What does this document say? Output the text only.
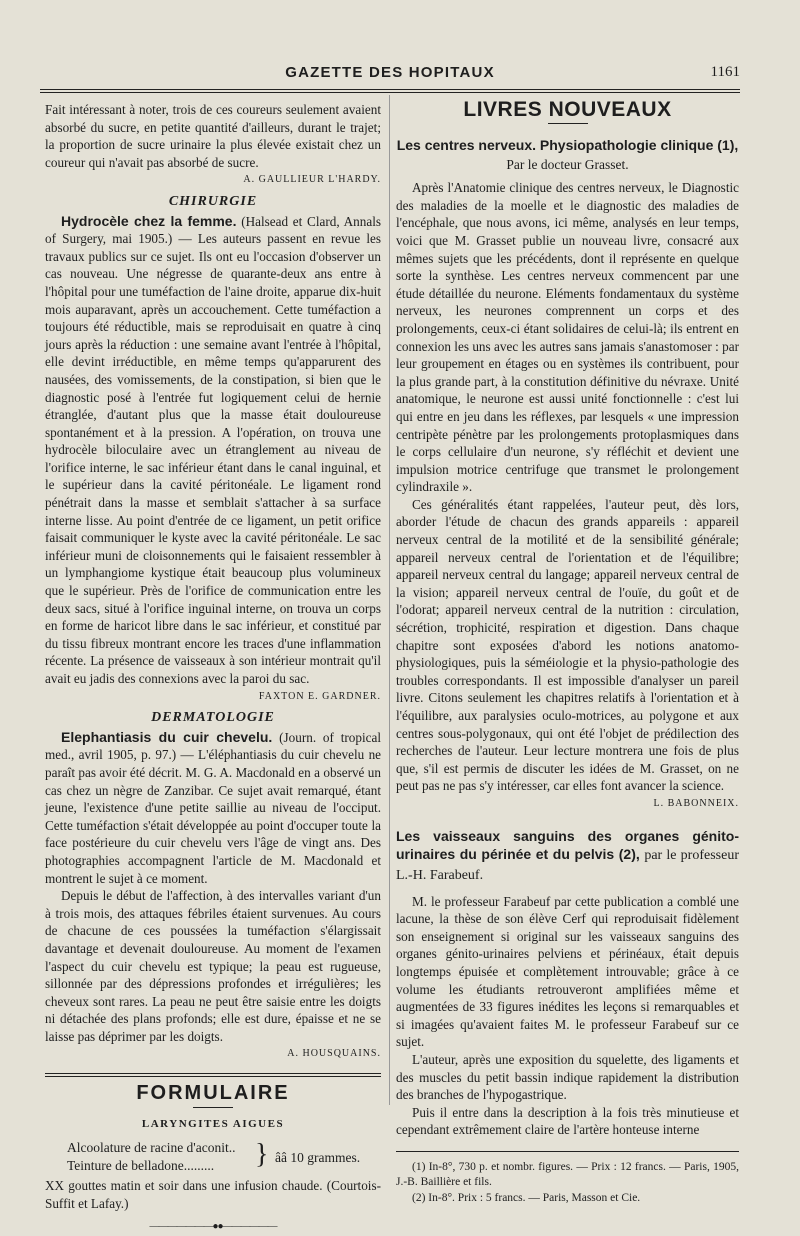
GAZETTE DES HOPITAUX	1161

Fait intéressant à noter, trois de ces coureurs seulement avaient absorbé du sucre, en petite quantité d'ailleurs, durant le trajet; la proportion de sucre urinaire la plus élevée existait chez un coureur qui n'avait pas absorbé de sucre.

A. GAULLIEUR L'HARDY.
CHIRURGIE

Hydrocèle chez la femme. (Halsead et Clard, Annals of Surgery, mai 1905.) — Les auteurs passent en revue les travaux publics sur ce sujet. Ils ont eu l'occasion d'observer un cas nouveau. Une négresse de quarante-deux ans entre à l'hôpital pour une tuméfaction de l'aine droite, apparue dix-huit mois auparavant, après un accouchement. Cette tuméfaction a toujours été réductible, mais se reproduisait en quatre à cinq jours après la réduction : une semaine avant l'entrée à l'hôpital, elle devint irréductible, en même temps qu'apparurent des nausées, des vomissements, de la constipation, si bien que le diagnostic posé à l'entrée fut logiquement celui de hernie étranglée, d'autant plus que la masse était douloureuse spontanément et à la pression. A l'opération, on trouva une hydrocèle biloculaire avec un étranglement au niveau de l'orifice interne, le sac inférieur étant dans le canal inguinal, et le supérieur dans la cavité péritonéale. Le ligament rond pénétrait dans la masse et semblait s'attacher à sa surface interne lisse. Au point d'entrée de ce ligament, un petit orifice faisait communiquer le kyste avec la cavité péritonéale. Le sac inférieur muni de cloisonnements qui le faisaient ressembler à un lymphangiome kystique était beaucoup plus volumineux que le supérieur. Près de l'orifice de communication entre les deux sacs, situé à l'orifice inguinal interne, on trouva un corps en forme de haricot libre dans le sac inférieur, et constitué par du tissu fibreux montrant encore les traces d'une inflammation récente. La présence de vaisseaux à son intérieur montrait qu'il avait eu jadis des connexions avec la paroi du sac.

FAXTON E. GARDNER.
DERMATOLOGIE

Elephantiasis du cuir chevelu. (Journ. of tropical med., avril 1905, p. 97.) — L'éléphantiasis du cuir chevelu ne paraît pas avoir été décrit. M. G. A. Macdonald en a observé un cas chez un nègre de Zanzibar. Ce sujet avait remarqué, étant jeune, l'existence d'une petite saillie au niveau de l'occiput. Cette tuméfaction s'était développée au point d'occuper toute la face postérieure du cuir chevelu vers l'âge de vingt ans. Des photographies accompagnent l'article de M. Macdonald et montrent le sujet à ce moment.

Depuis le début de l'affection, à des intervalles variant d'un à trois mois, des attaques fébriles étaient survenues. Au cours de chacune de ces poussées la tuméfaction s'élargissait davantage et devenait douloureuse. Au moment de l'examen l'aspect du cuir chevelu est typique; la peau est rugueuse, sillonnée par des dépressions profondes et irrégulières; les cheveux sont rares. La peau ne peut être saisie entre les doigts ni détachée des plans profonds; elle est dure, épaisse et ne se laisse pas déprimer par les doigts.

A. HOUSQUAINS.
FORMULAIRE
LARYNGITES AIGUES
Alcoolature de racine d'aconit..
Teinture de belladone......... } ââ 10 grammes.

XX gouttes matin et soir dans une infusion chaude. (Courtois-Suffit et Lafay.)

———————●●——————
LIVRES NOUVEAUX
Les centres nerveux. Physiopathologie clinique (1),
Par le docteur Grasset.

Après l'Anatomie clinique des centres nerveux, le Diagnostic des maladies de la moelle et le diagnostic des maladies de l'encéphale, que nous avons, ici même, analysés en leur temps, voici que M. Grasset publie un nouveau livre, consacré aux mêmes sujets que les précédents, dont il représente en quelque sorte la synthèse. Les centres nerveux commencent par une étude détaillée du neurone. Eléments fondamentaux du système nerveux, les neurones comprennent un corps et des prolongements, ceux-ci étant solidaires de celui-là; ils entrent en connexion les uns avec les autres sans jamais s'anastomoser : par leur groupement en étages ou en systèmes ils contribuent, pour la plus grande part, à la constitution définitive du névraxe. Unité anatomique, le neurone est aussi unité fonctionnelle : c'est lui qui entre en jeu dans les réflexes, par lesquels « une impression centripète pénètre par les prolongements protoplasmiques dans le corps cellulaire d'un neurone, s'y réfléchit et devient une impulsion motrice centrifuge que transmet le prolongement cylindraxile ».

Ces généralités étant rappelées, l'auteur peut, dès lors, aborder l'étude de chacun des grands appareils : appareil nerveux central de la motilité et de la sensibilité générale; appareil nerveux central de l'orientation et de l'équilibre; appareil nerveux central du langage; appareil nerveux central de la vision; appareil nerveux central de l'ouïe, du goût et de l'odorat; appareil nerveux central de la nutrition : circulation, sécrétion, trophicité, respiration et digestion. Dans chaque chapitre sont exposées d'abord les notions anatomo-physiologiques, puis la séméiologie et la physio-pathologie des troubles correspondants. Il est impossible d'analyser un pareil livre. Citons seulement les chapitres relatifs à l'orientation et à l'équilibre, aux paralysies oculo-motrices, au polygone et aux centres sous-polygonaux, qui ont été l'objet de prédilection des recherches de l'auteur. Leur lecture montrera une fois de plus que, s'il est permis de discuter les idées de M. Grasset, on ne peut pas ne pas s'y intéresser, car elles font avancer la science.

L. BABONNEIX.
Les vaisseaux sanguins des organes génito-urinaires du périnée et du pelvis (2), par le professeur L.-H. Farabeuf.

M. le professeur Farabeuf par cette publication a comblé une lacune, la thèse de son élève Cerf qui reproduisait fidèlement son enseignement si original sur les vaisseaux sanguins des organes génito-urinaires pelviens et périnéaux, était depuis longtemps épuisée et complètement introuvable; grâce à ce volume les étudiants retrouveront amplifiées même et augmentées de 33 figures inédites les leçons si remarquables et si imagées qu'avaient faites M. le professeur Farabeuf sur ce sujet.

L'auteur, après une exposition du squelette, des ligaments et des muscles du petit bassin indique rapidement la distribution des branches de l'hypogastrique.

Puis il entre dans la description à la fois très minutieuse et cependant extrêmement claire de l'artère honteuse interne

(1) In-8°, 730 p. et nombr. figures. — Prix : 12 francs. — Paris, 1905, J.-B. Baillière et fils.

(2) In-8°. Prix : 5 francs. — Paris, Masson et Cie.
